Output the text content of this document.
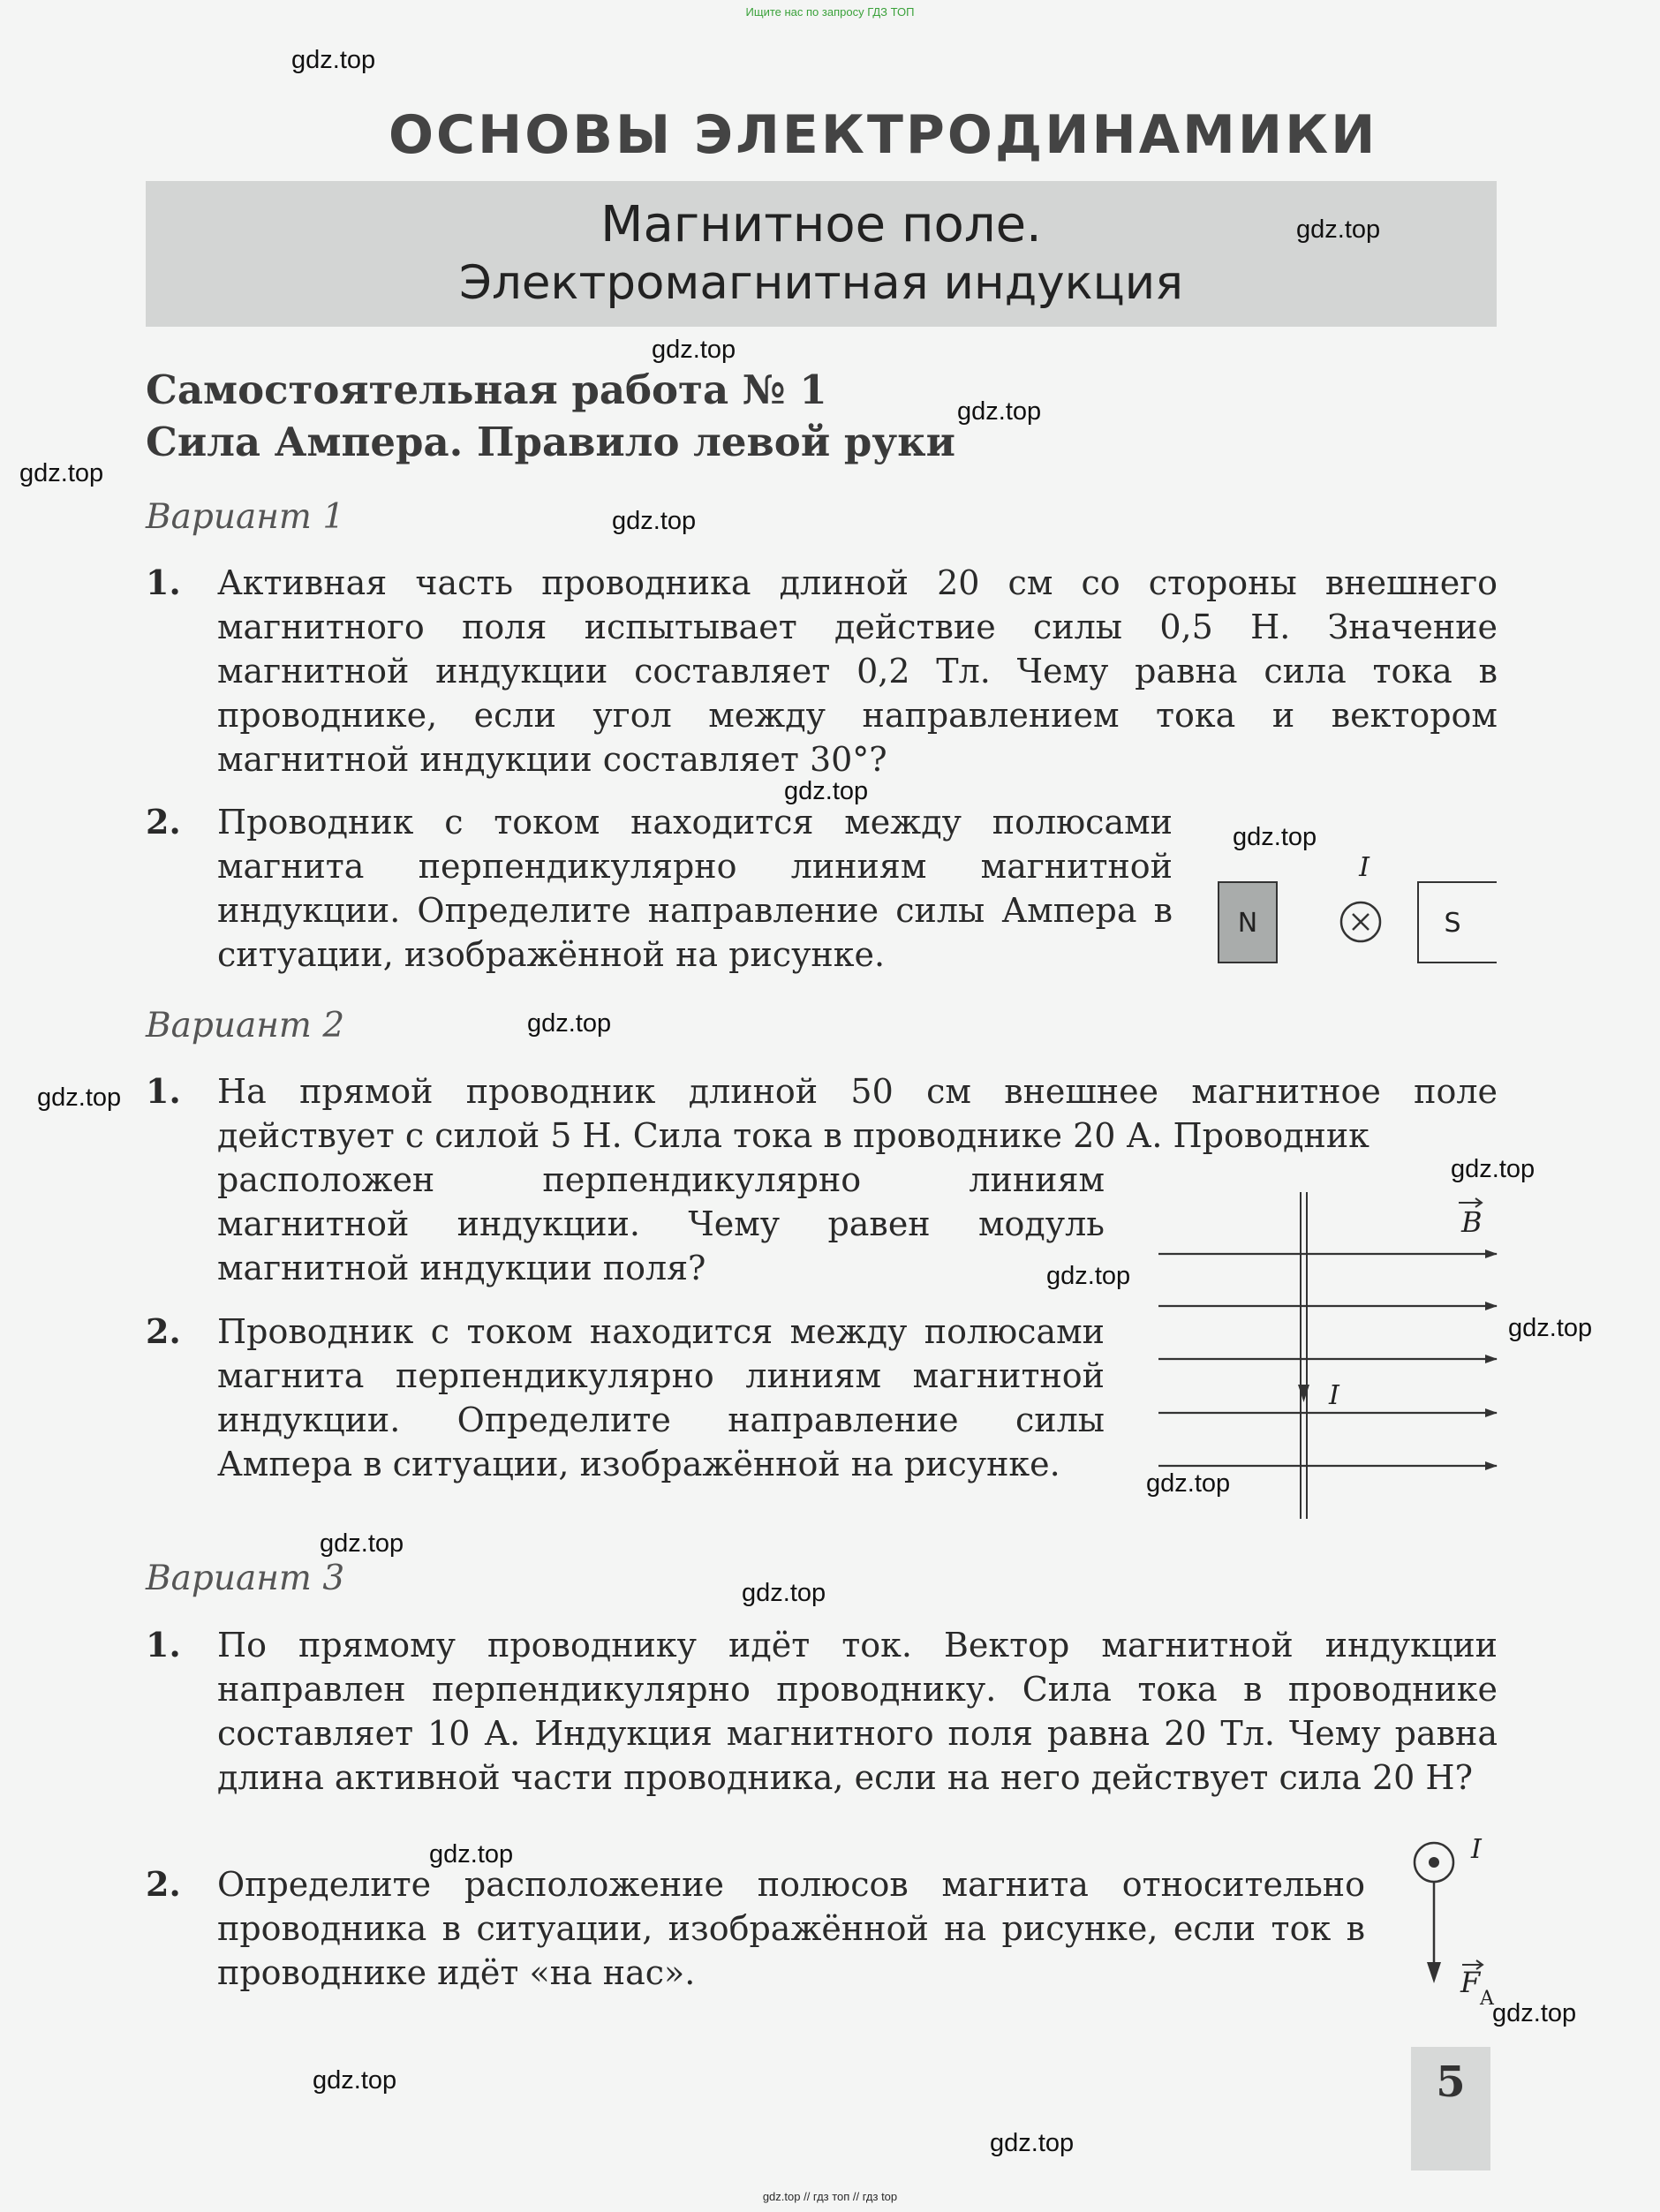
Ищите нас по запросу ГДЗ ТОП
ОСНОВЫ ЭЛЕКТРОДИНАМИКИ
Магнитное поле.
Электромагнитная индукция
Самостоятельная работа № 1
Сила Ампера. Правило левой руки
Вариант 1
1. Активная часть проводника длиной 20 см со стороны внешнего магнитного поля испытывает действие силы 0,5 Н. Значение магнитной индукции составляет 0,2 Тл. Чему равна сила тока в проводнике, если угол между направлением тока и вектором магнитной индукции составляет 30°?
2. Проводник с током находится между полюсами магнита перпендикулярно линиям магнитной индукции. Определите направление силы Ампера в ситуации, изображённой на рисунке.
N
I
S
Вариант 2
1. На прямой проводник длиной 50 см внешнее магнитное поле действует с силой 5 Н. Сила тока в проводнике 20 А. Проводник
расположен перпендикулярно линиям магнитной индукции. Чему равен модуль магнитной индукции поля?
2. Проводник с током находится между полюсами магнита перпендикулярно линиям магнитной индукции. Определите направление силы Ампера в ситуации, изображённой на рисунке.
I
B
Вариант 3
1. По прямому проводнику идёт ток. Вектор магнитной индукции направлен перпендикулярно проводнику. Сила тока в проводнике составляет 10 А. Индукция магнитного поля равна 20 Тл. Чему равна длина активной части проводника, если на него действует сила 20 Н?
2. Определите расположение полюсов магнита относительно проводника в ситуации, изображённой на рисунке, если ток в проводнике идёт «на нас».
I
F A
5
gdz.top
gdz.top
gdz.top
gdz.top
gdz.top
gdz.top
gdz.top
gdz.top
gdz.top
gdz.top
gdz.top
gdz.top
gdz.top
gdz.top
gdz.top
gdz.top
gdz.top
gdz.top
gdz.top
gdz.top
gdz.top // гдз топ // гдз top
